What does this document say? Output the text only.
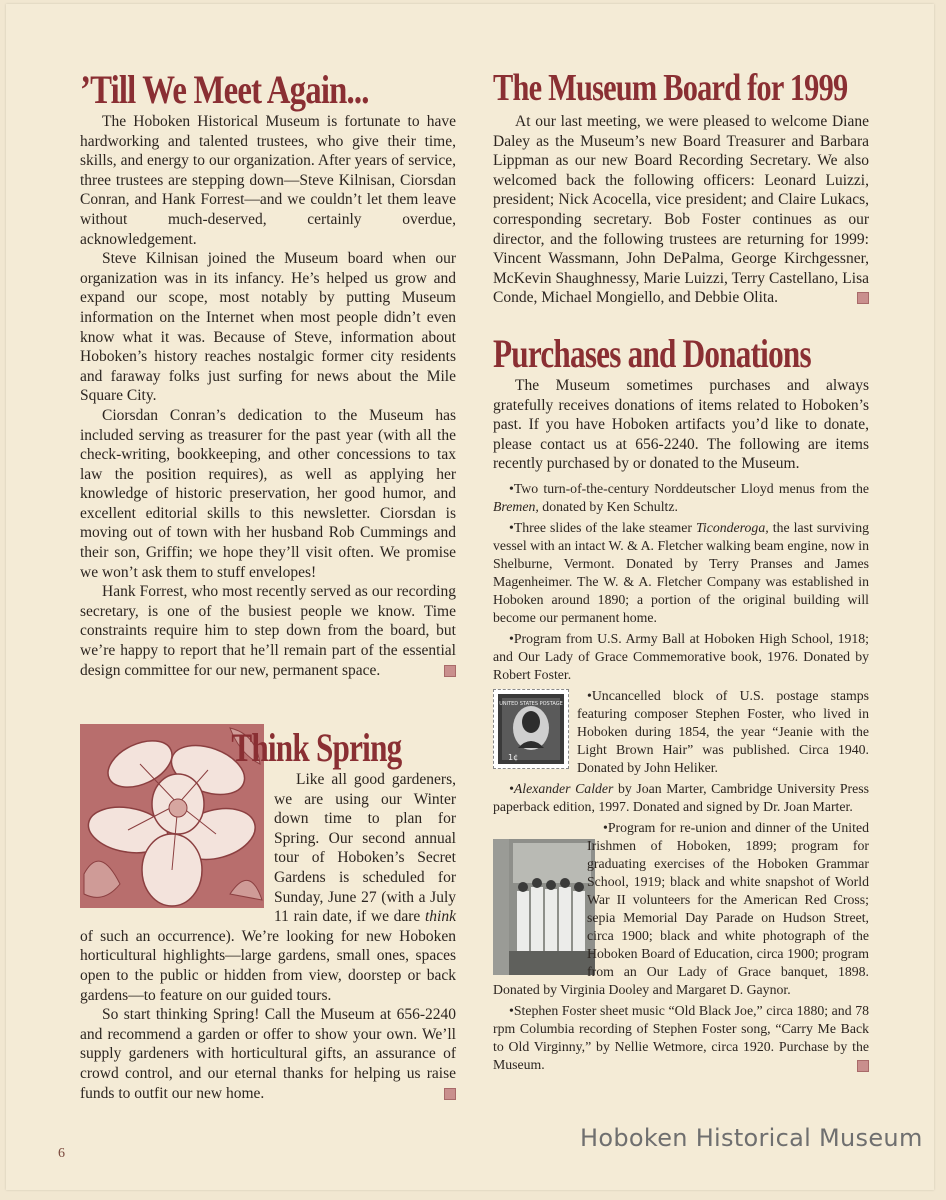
’Till We Meet Again...

The Hoboken Historical Museum is fortunate to have hardworking and talented trustees, who give their time, skills, and energy to our organization. After years of service, three trustees are stepping down—Steve Kilnisan, Ciorsdan Conran, and Hank Forrest—and we couldn’t let them leave without much-deserved, certainly overdue, acknowledgement.

Steve Kilnisan joined the Museum board when our organization was in its infancy. He’s helped us grow and expand our scope, most notably by putting Museum information on the Internet when most people didn’t even know what it was. Because of Steve, information about Hoboken’s history reaches nostalgic former city residents and faraway folks just surfing for news about the Mile Square City.

Ciorsdan Conran’s dedication to the Museum has included serving as treasurer for the past year (with all the check-writing, bookkeeping, and other concessions to tax law the position requires), as well as applying her knowledge of historic preservation, her good humor, and excellent editorial skills to this newsletter. Ciorsdan is moving out of town with her husband Rob Cummings and their son, Griffin; we hope they’ll visit often. We promise we won’t ask them to stuff envelopes!

Hank Forrest, who most recently served as our recording secretary, is one of the busiest people we know. Time constraints require him to step down from the board, but we’re happy to report that he’ll remain part of the essential design committee for our new, permanent space.

Think Spring

Like all good gardeners, we are using our Winter down time to plan for Spring. Our second annual tour of Hoboken’s Secret Gardens is scheduled for Sunday, June 27 (with a July 11 rain date, if we dare think of such an occurrence). We’re looking for new Hoboken horticultural highlights—large gardens, small ones, spaces open to the public or hidden from view, doorstep or back gardens—to feature on our guided tours.

So start thinking Spring! Call the Museum at 656-2240 and recommend a garden or offer to show your own. We’ll supply gardeners with horticultural gifts, an assurance of crowd control, and our eternal thanks for helping us raise funds to outfit our new home.

The Museum Board for 1999

At our last meeting, we were pleased to welcome Diane Daley as the Museum’s new Board Treasurer and Barbara Lippman as our new Board Recording Secretary. We also welcomed back the following officers: Leonard Luizzi, president; Nick Acocella, vice president; and Claire Lukacs, corresponding secretary. Bob Foster continues as our director, and the following trustees are returning for 1999: Vincent Wassmann, John DePalma, George Kirchgessner, McKevin Shaughnessy, Marie Luizzi, Terry Castellano, Lisa Conde, Michael Mongiello, and Debbie Olita.

Purchases and Donations

The Museum sometimes purchases and always gratefully receives donations of items related to Hoboken’s past. If you have Hoboken artifacts you’d like to donate, please contact us at 656-2240. The following are items recently purchased by or donated to the Museum.

•Two turn-of-the-century Norddeutscher Lloyd menus from the Bremen, donated by Ken Schultz.

•Three slides of the lake steamer Ticonderoga, the last surviving vessel with an intact W. & A. Fletcher walking beam engine, now in Shelburne, Vermont. Donated by Terry Pranses and James Magenheimer. The W. & A. Fletcher Company was established in Hoboken around 1890; a portion of the original building will become our permanent home.

•Program from U.S. Army Ball at Hoboken High School, 1918; and Our Lady of Grace Commemorative book, 1976. Donated by Robert Foster.

UNITED STATES POSTAGE
1¢
•Uncancelled block of U.S. postage stamps featuring composer Stephen Foster, who lived in Hoboken during 1854, the year “Jeanie with the Light Brown Hair” was published. Circa 1940. Donated by John Heliker.

•Alexander Calder by Joan Marter, Cambridge University Press paperback edition, 1997. Donated and signed by Dr. Joan Marter.

•Program for re-union and dinner of the United Irishmen of Hoboken, 1899; program for graduating exercises of the Hoboken Grammar School, 1919; black and white snapshot of World War II volunteers for the American Red Cross; sepia Memorial Day Parade on Hudson Street, circa 1900; black and white photograph of the Hoboken Board of Education, circa 1900; program from an Our Lady of Grace banquet, 1898. Donated by Virginia Dooley and Margaret D. Gaynor.

•Stephen Foster sheet music “Old Black Joe,” circa 1880; and 78 rpm Columbia recording of Stephen Foster song, “Carry Me Back to Old Virginny,” by Nellie Wetmore, circa 1920. Purchase by the Museum.

6
Hoboken Historical Museum
